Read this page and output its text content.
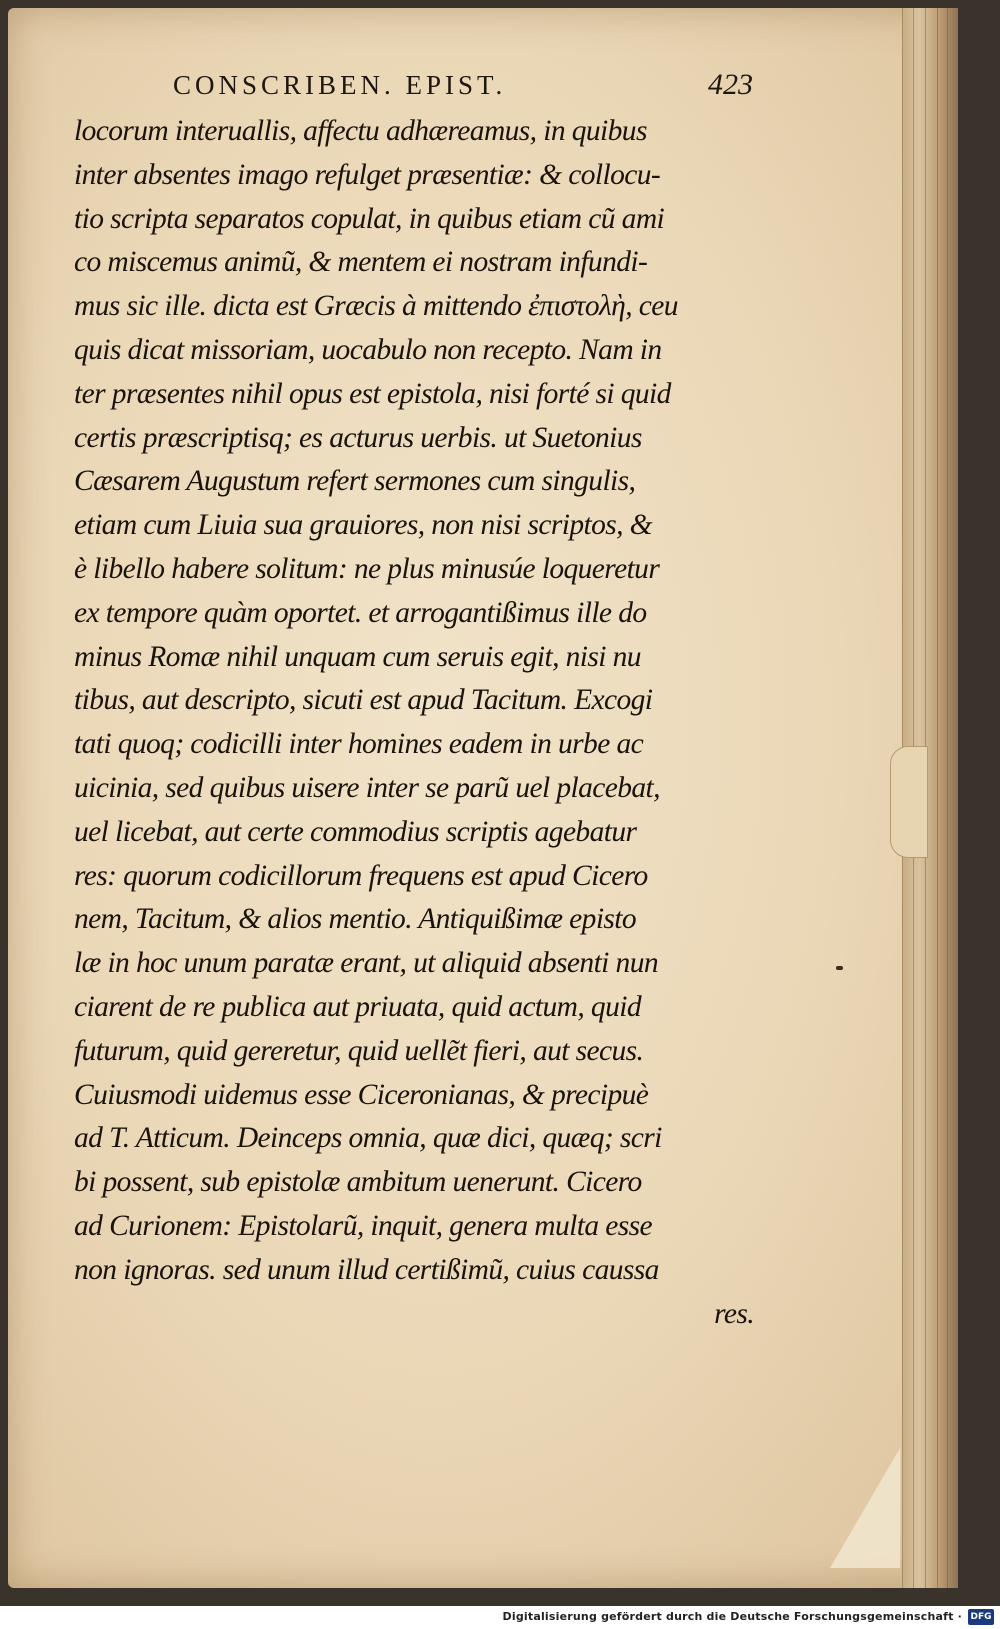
CONSCRIBEN. EPIST.	423
locorum interuallis, affectu adhæreamus, in quibus
inter absentes imago refulget præsentiæ: & collocu-
tio scripta separatos copulat, in quibus etiam cũ ami
co miscemus animũ, & mentem ei nostram infundi-
mus sic ille. dicta est Græcis à mittendo ἐπιστολὴ, ceu
quis dicat missoriam, uocabulo non recepto. Nam in
ter præsentes nihil opus est epistola, nisi forté si quid
certis præscriptisq; es acturus uerbis. ut Suetonius
Cæsarem Augustum refert sermones cum singulis,
etiam cum Liuia sua grauiores, non nisi scriptos, &
è libello habere solitum: ne plus minusúe loqueretur
ex tempore quàm oportet. et arrogantißimus ille do
minus Romæ nihil unquam cum seruis egit, nisi nu
tibus, aut descripto, sicuti est apud Tacitum. Excogi
tati quoq; codicilli inter homines eadem in urbe ac
uicinia, sed quibus uisere inter se parũ uel placebat,
uel licebat, aut certe commodius scriptis agebatur
res: quorum codicillorum frequens est apud Cicero
nem, Tacitum, & alios mentio. Antiquißimæ episto
læ in hoc unum paratæ erant, ut aliquid absenti nun
ciarent de re publica aut priuata, quid actum, quid
futurum, quid gereretur, quid uellẽt fieri, aut secus.
Cuiusmodi uidemus esse Ciceronianas, & precipuè
ad T. Atticum. Deinceps omnia, quæ dici, quæq; scri
bi possent, sub epistolæ ambitum uenerunt. Cicero
ad Curionem: Epistolarũ, inquit, genera multa esse
non ignoras. sed unum illud certißimũ, cuius caussa
res.
Digitalisierung gefördert durch die Deutsche Forschungsgemeinschaft · DFG
